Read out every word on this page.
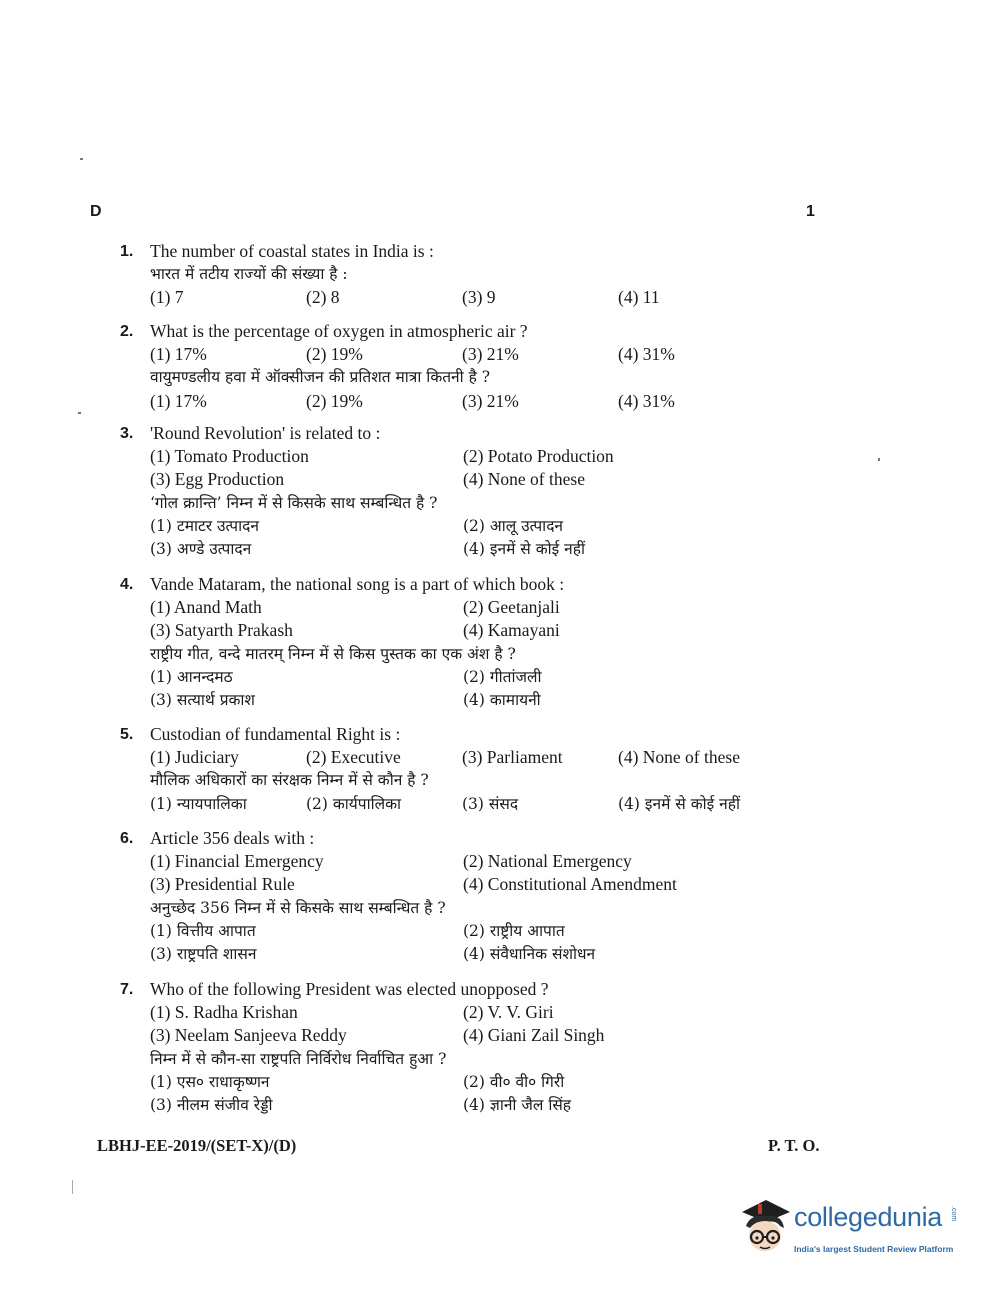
D	1
1. The number of coastal states in India is :
भारत में तटीय राज्यों की संख्या है :
(1) 7	(2) 8	(3) 9	(4) 11
2. What is the percentage of oxygen in atmospheric air ?
(1) 17%	(2) 19%	(3) 21%	(4) 31%
वायुमण्डलीय हवा में ऑक्सीजन की प्रतिशत मात्रा कितनी है ?
(1) 17%	(2) 19%	(3) 21%	(4) 31%
3. 'Round Revolution' is related to :
(1) Tomato Production	(2) Potato Production
(3) Egg Production	(4) None of these
‘गोल क्रान्ति’ निम्न में से किसके साथ सम्बन्धित है ?
(1) टमाटर उत्पादन	(2) आलू उत्पादन
(3) अण्डे उत्पादन	(4) इनमें से कोई नहीं
4. Vande Mataram, the national song is a part of which book :
(1) Anand Math	(2) Geetanjali
(3) Satyarth Prakash	(4) Kamayani
राष्ट्रीय गीत, वन्दे मातरम् निम्न में से किस पुस्तक का एक अंश है ?
(1) आनन्दमठ	(2) गीतांजली
(3) सत्यार्थ प्रकाश	(4) कामायनी
5. Custodian of fundamental Right is :
(1) Judiciary	(2) Executive	(3) Parliament	(4) None of these
मौलिक अधिकारों का संरक्षक निम्न में से कौन है ?
(1) न्यायपालिका	(2) कार्यपालिका	(3) संसद	(4) इनमें से कोई नहीं
6. Article 356 deals with :
(1) Financial Emergency	(2) National Emergency
(3) Presidential Rule	(4) Constitutional Amendment
अनुच्छेद 356 निम्न में से किसके साथ सम्बन्धित है ?
(1) वित्तीय आपात	(2) राष्ट्रीय आपात
(3) राष्ट्रपति शासन	(4) संवैधानिक संशोधन
7. Who of the following President was elected unopposed ?
(1) S. Radha Krishan	(2) V. V. Giri
(3) Neelam Sanjeeva Reddy	(4) Giani Zail Singh
निम्न में से कौन-सा राष्ट्रपति निर्विरोध निर्वाचित हुआ ?
(1) एस० राधाकृष्णन	(2) वी० वी० गिरी
(3) नीलम संजीव रेड्डी	(4) ज्ञानी जैल सिंह
LBHJ-EE-2019/(SET-X)/(D)	P. T. O.
collegedunia .com
India's largest Student Review Platform
